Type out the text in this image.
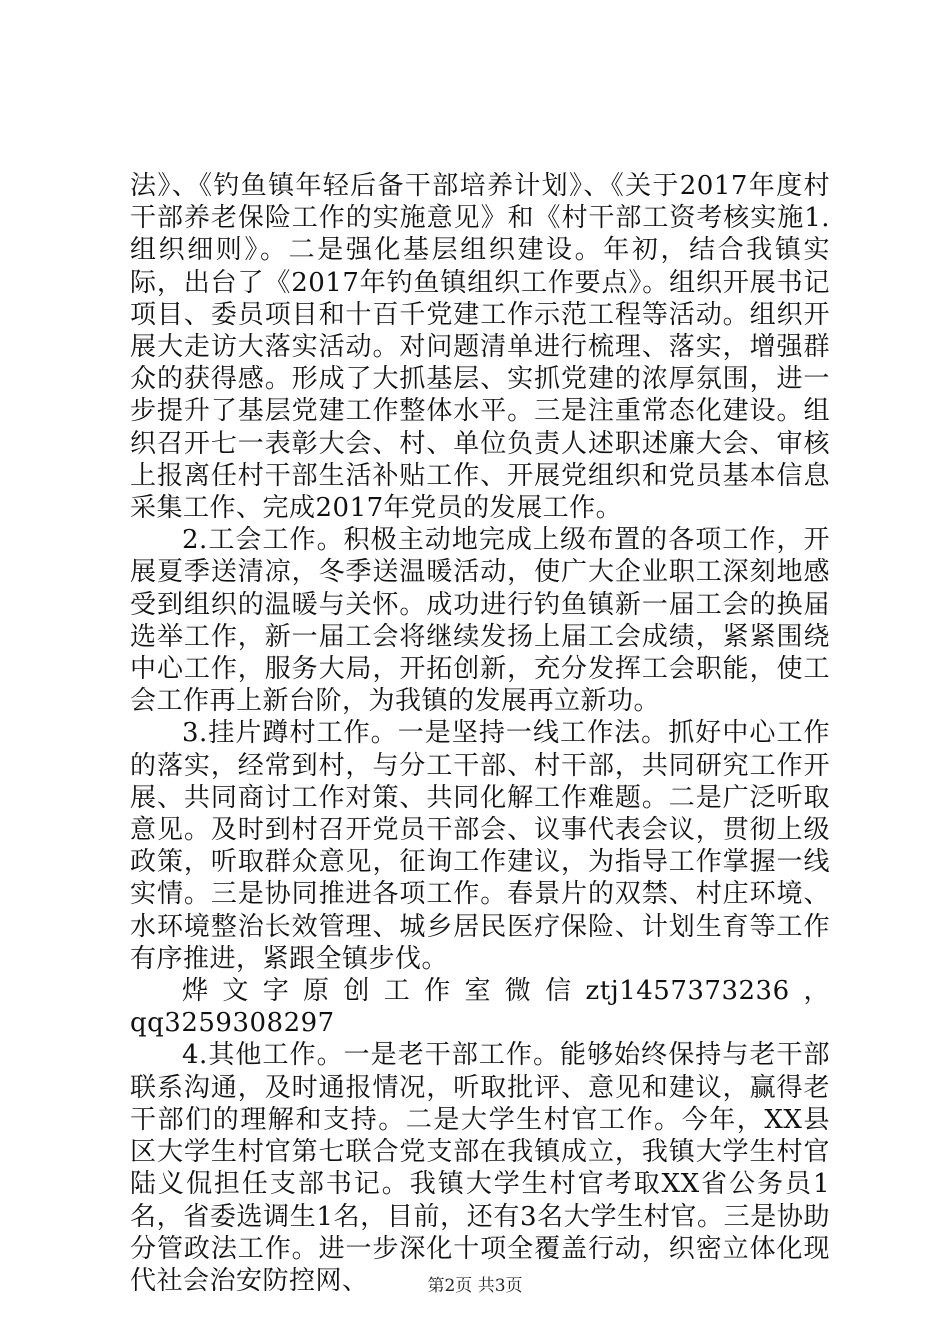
法》、《钓鱼镇年轻后备干部培养计划》、《关于2017年度村干部养老保险工作的实施意见》和《村干部工资考核实施1.组织细则》。二是强化基层组织建设。年初，结合我镇实际，出台了《2017年钓鱼镇组织工作要点》。组织开展书记项目、委员项目和十百千党建工作示范工程等活动。组织开展大走访大落实活动。对问题清单进行梳理、落实，增强群众的获得感。形成了大抓基层、实抓党建的浓厚氛围，进一步提升了基层党建工作整体水平。三是注重常态化建设。组织召开七一表彰大会、村、单位负责人述职述廉大会、审核上报离任村干部生活补贴工作、开展党组织和党员基本信息采集工作、完成2017年党员的发展工作。

2.工会工作。积极主动地完成上级布置的各项工作，开展夏季送清凉，冬季送温暖活动，使广大企业职工深刻地感受到组织的温暖与关怀。成功进行钓鱼镇新一届工会的换届选举工作，新一届工会将继续发扬上届工会成绩，紧紧围绕中心工作，服务大局，开拓创新，充分发挥工会职能，使工会工作再上新台阶，为我镇的发展再立新功。

3.挂片蹲村工作。一是坚持一线工作法。抓好中心工作的落实，经常到村，与分工干部、村干部，共同研究工作开展、共同商讨工作对策、共同化解工作难题。二是广泛听取意见。及时到村召开党员干部会、议事代表会议，贯彻上级政策，听取群众意见，征询工作建议，为指导工作掌握一线实情。三是协同推进各项工作。春景片的双禁、村庄环境、水环境整治长效管理、城乡居民医疗保险、计划生育等工作有序推进，紧跟全镇步伐。

烨文字原创工作室微信ztj1457373236，qq3259308297

4.其他工作。一是老干部工作。能够始终保持与老干部联系沟通，及时通报情况，听取批评、意见和建议，赢得老干部们的理解和支持。二是大学生村官工作。今年，XX县区大学生村官第七联合党支部在我镇成立，我镇大学生村官陆义侃担任支部书记。我镇大学生村官考取XX省公务员1名，省委选调生1名，目前，还有3名大学生村官。三是协助分管政法工作。进一步深化十项全覆盖行动，织密立体化现代社会治安防控网、	第2页 共3页
